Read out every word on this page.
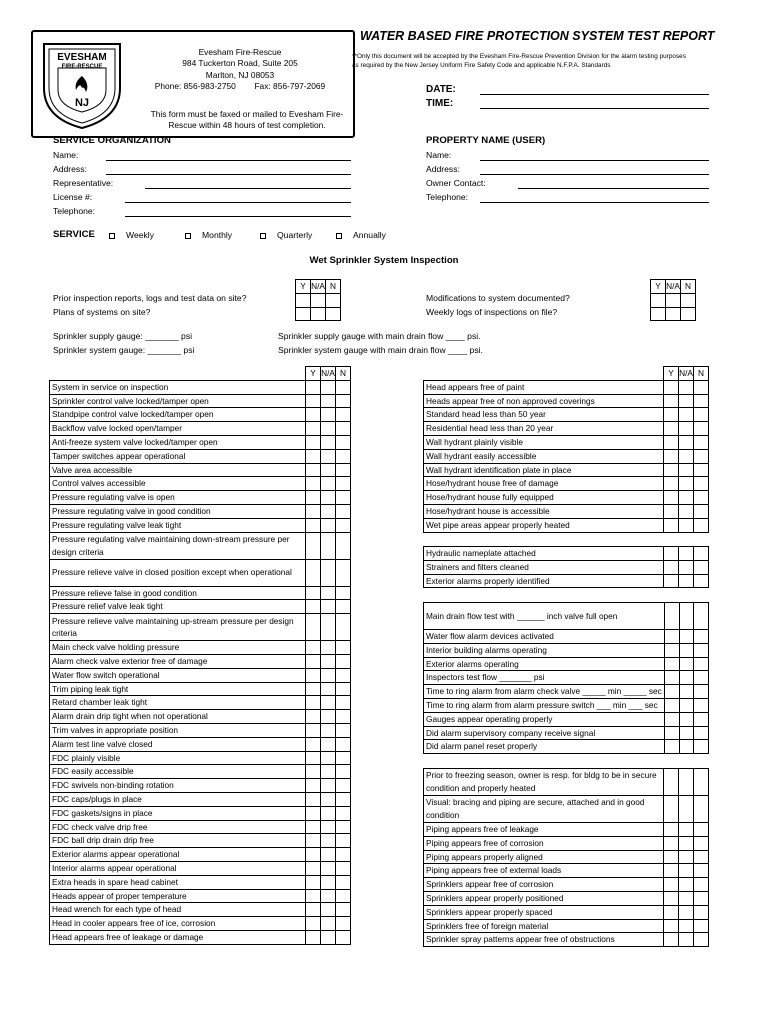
EVESHAM
NJ
FIRE-RESCUE
Evesham Fire-Rescue
984 Tuckerton Road, Suite 205
Marlton, NJ 08053
Phone: 856-983-2750 Fax: 856-797-2069
This form must be faxed or mailed to Evesham Fire-Rescue within 48 hours of test completion.
WATER BASED FIRE PROTECTION SYSTEM TEST REPORT
**Only this document will be accepted by the Evesham Fire-Rescue Prevention Division for the alarm testing purposes as required by the New Jersey Uniform Fire Safety Code and applicable N.F.P.A. Standards
DATE:
TIME:
SERVICE ORGANIZATION
Name:
Address:
Representative:
License #:
Telephone:
PROPERTY NAME (USER)
Name:
Address:
Owner Contact:
Telephone:
SERVICE	Weekly	Monthly	Quarterly	Annually
Wet Sprinkler System Inspection
Prior inspection reports, logs and test data on site?
Plans of systems on site?
Y	N/A	N

Modifications to system documented?
Weekly logs of inspections on file?
Y	N/A	N

Sprinkler supply gauge: _______ psi
Sprinkler system gauge: _______ psi
Sprinkler supply gauge with main drain flow ____ psi.
Sprinkler system gauge with main drain flow ____ psi.
	Y	N/A	N
System in service on inspection			
Sprinkler control valve locked/tamper open			
Standpipe control valve locked/tamper open			
Backflow valve locked open/tamper			
Anti-freeze system valve locked/tamper open			
Tamper switches appear operational			
Valve area accessible			
Control valves accessible			
Pressure regulating valve is open			
Pressure regulating valve in good condition			
Pressure regulating valve leak tight			
Pressure regulating valve maintaining down-stream pressure per design criteria			
Pressure relieve valve in closed position except when operational			
Pressure relieve false in good condition			
Pressure relief valve leak tight			
Pressure relieve valve maintaining up-stream pressure per design criteria			
Main check valve holding pressure			
Alarm check valve exterior free of damage			
Water flow switch operational			
Trim piping leak tight			
Retard chamber leak tight			
Alarm drain drip tight when not operational			
Trim valves in appropriate position			
Alarm test line valve closed			
FDC plainly visible			
FDC easily accessible			
FDC swivels non-binding rotation			
FDC caps/plugs in place			
FDC gaskets/signs in place			
FDC check valve drip free			
FDC ball drip drain drip free			
Exterior alarms appear operational			
Interior alarms appear operational			
Extra heads in spare head cabinet			
Heads appear of proper temperature			
Head wrench for each type of head			
Head in cooler appears free of ice, corrosion			
Head appears free of leakage or damage			
	Y	N/A	N
Head appears free of paint			
Heads appear free of non approved coverings			
Standard head less than 50 year			
Residential head less than 20 year			
Wall hydrant plainly visible			
Wall hydrant easily accessible			
Wall hydrant identification plate in place			
Hose/hydrant house free of damage			
Hose/hydrant house fully equipped			
Hose/hydrant house is accessible			
Wet pipe areas appear properly heated			
Hydraulic nameplate attached			
Strainers and filters cleaned			
Exterior alarms properly identified			
Main drain flow test with ______ inch valve full open			
Water flow alarm devices activated			
Interior building alarms operating			
Exterior alarms operating			
Inspectors test flow _______ psi			
Time to ring alarm from alarm check valve _____ min _____ sec			
Time to ring alarm from alarm pressure switch ___ min ___ sec			
Gauges appear operating properly			
Did alarm supervisory company receive signal			
Did alarm panel reset properly			
Prior to freezing season, owner is resp. for bldg to be in secure condition and properly heated			
Visual: bracing and piping are secure, attached and in good condition			
Piping appears free of leakage			
Piping appears free of corrosion			
Piping appears properly aligned			
Piping appears free of external loads			
Sprinklers appear free of corrosion			
Sprinklers appear properly positioned			
Sprinklers appear properly spaced			
Sprinklers free of foreign material			
Sprinkler spray patterns appear free of obstructions			
